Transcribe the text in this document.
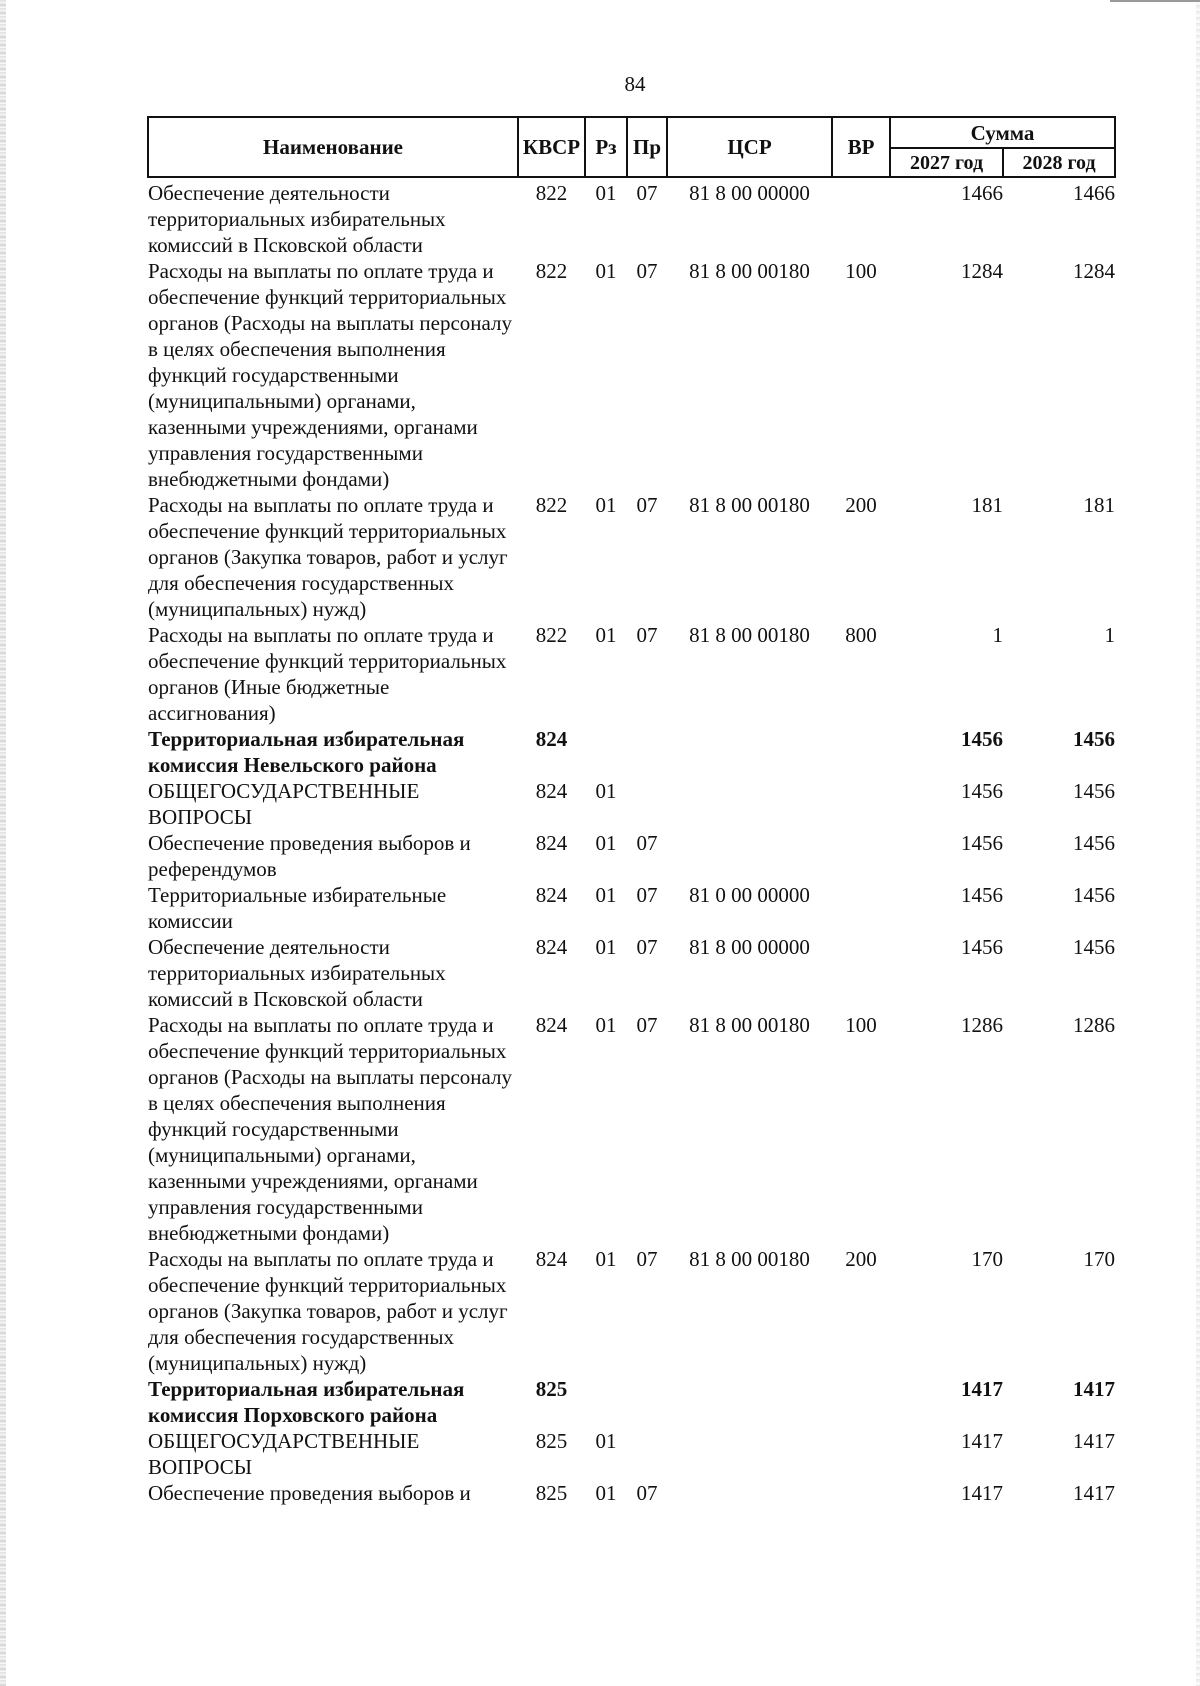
84
Наименование	КВСР	Рз	Пр	ЦСР	ВР	Сумма	
						2027 год	2028 год
Обеспечение деятельности территориальных избирательных комиссий в Псковской области	822	01	07	81 8 00 00000		1466	1466
Расходы на выплаты по оплате труда и обеспечение функций территориальных органов (Расходы на выплаты персоналу в целях обеспечения выполнения функций государственными (муниципальными) органами, казенными учреждениями, органами управления государственными внебюджетными фондами)	822	01	07	81 8 00 00180	100	1284	1284
Расходы на выплаты по оплате труда и обеспечение функций территориальных органов (Закупка товаров, работ и услуг для обеспечения государственных (муниципальных) нужд)	822	01	07	81 8 00 00180	200	181	181
Расходы на выплаты по оплате труда и обеспечение функций территориальных органов (Иные бюджетные ассигнования)	822	01	07	81 8 00 00180	800	1	1
Территориальная избирательная комиссия Невельского района	824					1456	1456
ОБЩЕГОСУДАРСТВЕННЫЕ ВОПРОСЫ	824	01				1456	1456
Обеспечение проведения выборов и референдумов	824	01	07			1456	1456
Территориальные избирательные комиссии	824	01	07	81 0 00 00000		1456	1456
Обеспечение деятельности территориальных избирательных комиссий в Псковской области	824	01	07	81 8 00 00000		1456	1456
Расходы на выплаты по оплате труда и обеспечение функций территориальных органов (Расходы на выплаты персоналу в целях обеспечения выполнения функций государственными (муниципальными) органами, казенными учреждениями, органами управления государственными внебюджетными фондами)	824	01	07	81 8 00 00180	100	1286	1286
Расходы на выплаты по оплате труда и обеспечение функций территориальных органов (Закупка товаров, работ и услуг для обеспечения государственных (муниципальных) нужд)	824	01	07	81 8 00 00180	200	170	170
Территориальная избирательная комиссия Порховского района	825					1417	1417
ОБЩЕГОСУДАРСТВЕННЫЕ ВОПРОСЫ	825	01				1417	1417
Обеспечение проведения выборов и	825	01	07			1417	1417
